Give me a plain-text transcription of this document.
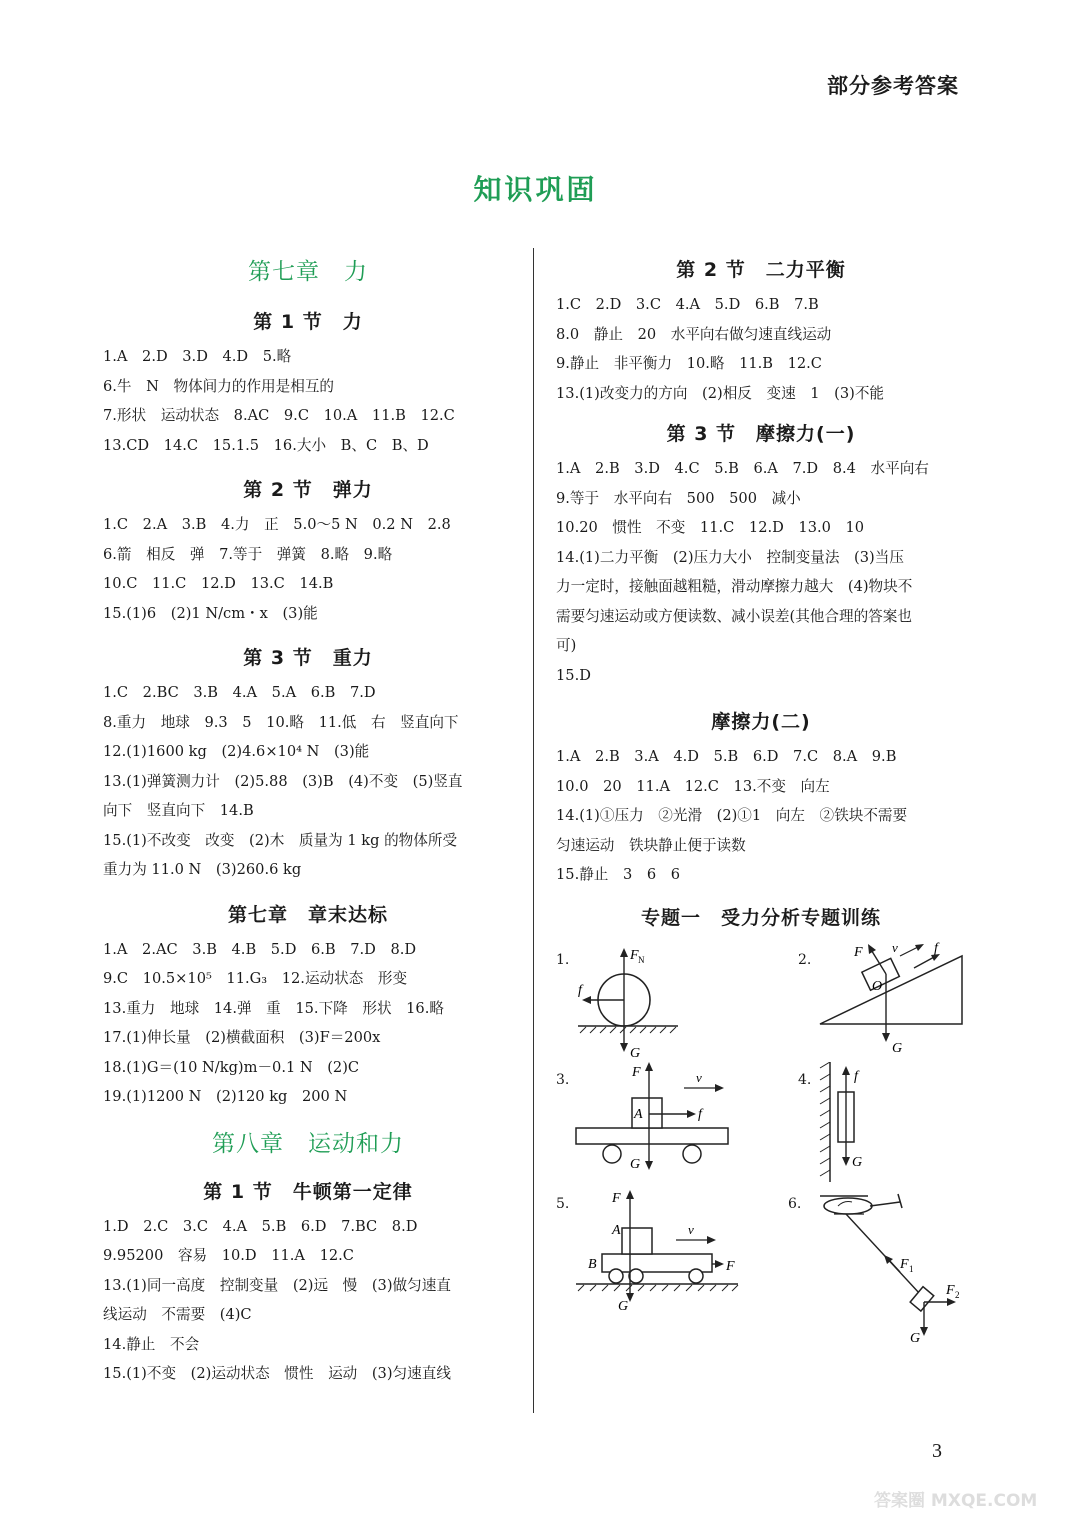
部分参考答案
知识巩固
第七章　力
第 1 节　力
1.A　2.D　3.D　4.D　5.略
6.牛　N　物体间力的作用是相互的
7.形状　运动状态　8.AC　9.C　10.A　11.B　12.C
13.CD　14.C　15.1.5　16.大小　B、C　B、D
第 2 节　弹力
1.C　2.A　3.B　4.力　正　5.0～5 N　0.2 N　2.8
6.箭　相反　弹　7.等于　弹簧　8.略　9.略
10.C　11.C　12.D　13.C　14.B
15.(1)6　(2)1 N/cm・x　(3)能
第 3 节　重力
1.C　2.BC　3.B　4.A　5.A　6.B　7.D
8.重力　地球　9.3　5　10.略　11.低　右　竖直向下
12.(1)1600 kg　(2)4.6×10⁴ N　(3)能
13.(1)弹簧测力计　(2)5.88　(3)B　(4)不变　(5)竖直
向下　竖直向下　14.B
15.(1)不改变　改变　(2)木　质量为 1 kg 的物体所受
重力为 11.0 N　(3)260.6 kg
第七章　章末达标
1.A　2.AC　3.B　4.B　5.D　6.B　7.D　8.D
9.C　10.5×10⁵　11.G₃　12.运动状态　形变
13.重力　地球　14.弹　重　15.下降　形状　16.略
17.(1)伸长量　(2)横截面积　(3)F＝200x
18.(1)G＝(10 N/kg)m－0.1 N　(2)C
19.(1)1200 N　(2)120 kg　200 N
第八章　运动和力
第 1 节　牛顿第一定律
1.D　2.C　3.C　4.A　5.B　6.D　7.BC　8.D
9.95200　容易　10.D　11.A　12.C
13.(1)同一高度　控制变量　(2)远　慢　(3)做匀速直
线运动　不需要　(4)C
14.静止　不会
15.(1)不变　(2)运动状态　惯性　运动　(3)匀速直线
第 2 节　二力平衡
1.C　2.D　3.C　4.A　5.D　6.B　7.B
8.0　静止　20　水平向右做匀速直线运动
9.静止　非平衡力　10.略　11.B　12.C
13.(1)改变力的方向　(2)相反　变速　1　(3)不能
第 3 节　摩擦力(一)
1.A　2.B　3.D　4.C　5.B　6.A　7.D　8.4　水平向右
9.等于　水平向右　500　500　减小
10.20　惯性　不变　11.C　12.D　13.0　10
14.(1)二力平衡　(2)压力大小　控制变量法　(3)当压
力一定时，接触面越粗糙，滑动摩擦力越大　(4)物块不
需要匀速运动或方便读数、减小误差(其他合理的答案也
可)
15.D
摩擦力(二)
1.A　2.B　3.A　4.D　5.B　6.D　7.C　8.A　9.B
10.0　20　11.A　12.C　13.不变　向左
14.(1)①压力　②光滑　(2)①1　向左　②铁块不需要
匀速运动　铁块静止便于读数
15.静止　3　6　6
专题一　受力分析专题训练
1.	F N
f
G
2.	F v	f
O
G
3.	F
A	f
v
G
4.	f
G
5.	F
A
B	F
v
G
6.
F 1
F 2
G
3
答案圈 MXQE.COM
